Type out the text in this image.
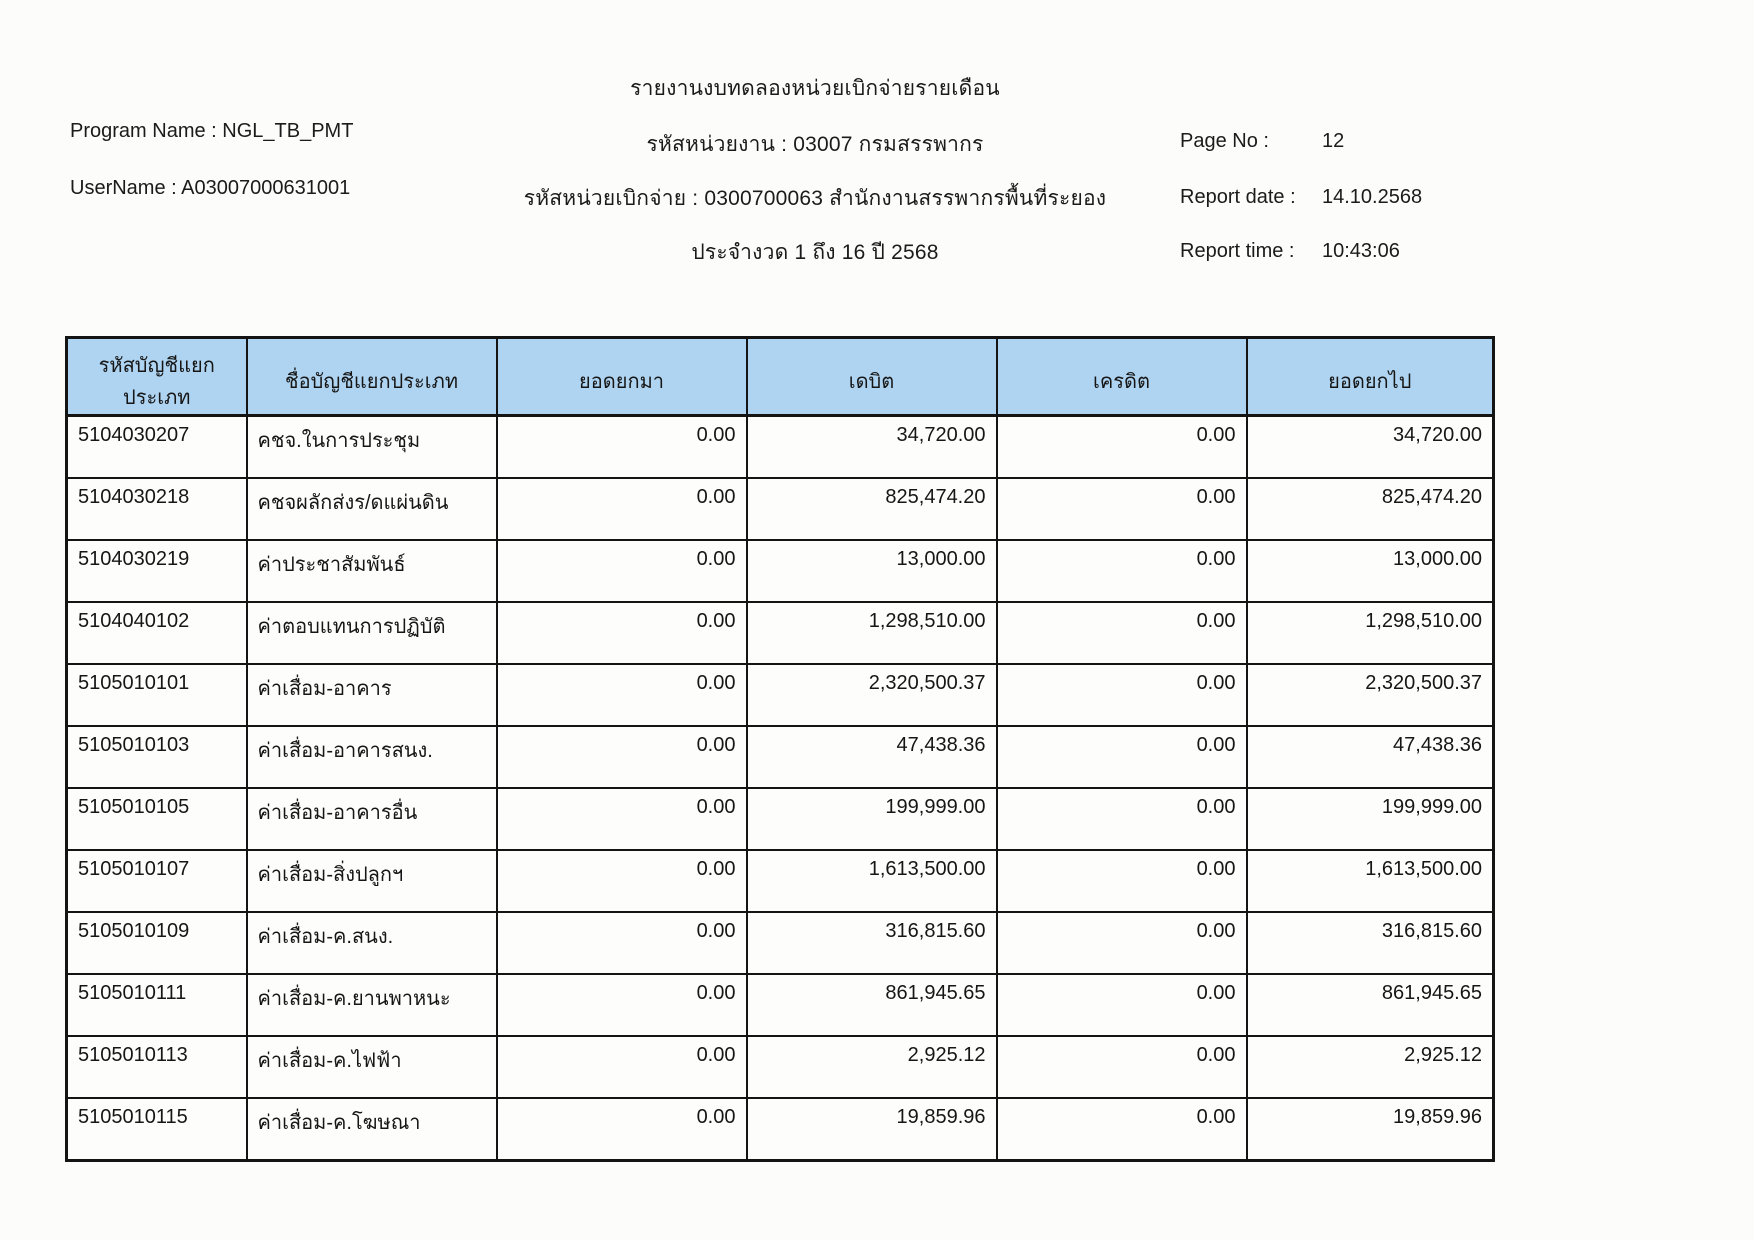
รายงานงบทดลองหน่วยเบิกจ่ายรายเดือน
Program Name : NGL_TB_PMT
รหัสหน่วยงาน : 03007 กรมสรรพากร	Page No :	12
UserName : A03007000631001	รหัสหน่วยเบิกจ่าย : 0300700063 สำนักงานสรรพากรพื้นที่ระยอง	Report date : 14.10.2568
ประจำงวด 1 ถึง 16 ปี 2568	Report time : 10:43:06
รหัสบัญชีแยกประเภท	ชื่อบัญชีแยกประเภท	ยอดยกมา	เดบิต	เครดิต	ยอดยกไป
5104030207	คชจ.ในการประชุม	0.00	34,720.00	0.00	34,720.00
5104030218	คชจผลักส่งร/ดแผ่นดิน	0.00	825,474.20	0.00	825,474.20
5104030219	ค่าประชาสัมพันธ์	0.00	13,000.00	0.00	13,000.00
5104040102	ค่าตอบแทนการปฏิบัติ	0.00	1,298,510.00	0.00	1,298,510.00
5105010101	ค่าเสื่อม-อาคาร	0.00	2,320,500.37	0.00	2,320,500.37
5105010103	ค่าเสื่อม-อาคารสนง.	0.00	47,438.36	0.00	47,438.36
5105010105	ค่าเสื่อม-อาคารอื่น	0.00	199,999.00	0.00	199,999.00
5105010107	ค่าเสื่อม-สิ่งปลูกฯ	0.00	1,613,500.00	0.00	1,613,500.00
5105010109	ค่าเสื่อม-ค.สนง.	0.00	316,815.60	0.00	316,815.60
5105010111	ค่าเสื่อม-ค.ยานพาหนะ	0.00	861,945.65	0.00	861,945.65
5105010113	ค่าเสื่อม-ค.ไฟฟ้า	0.00	2,925.12	0.00	2,925.12
5105010115	ค่าเสื่อม-ค.โฆษณา	0.00	19,859.96	0.00	19,859.96
